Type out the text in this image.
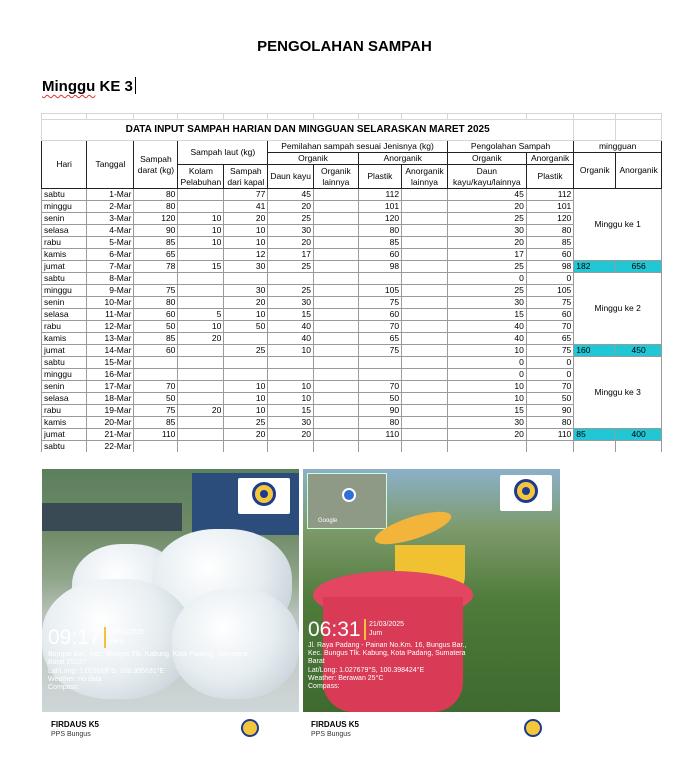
PENGOLAHAN SAMPAH
Minggu KE 3

DATA INPUT SAMPAH HARIAN DAN MINGGUAN SELARASKAN MARET 2025												
Hari	Tanggal	Sampah darat (kg)	Sampah laut (kg)		Pemilahan sampah sesuai Jenisnya (kg)				Pengolahan Sampah		mingguan	
					Organik		Anorganik		Organik	Anorganik	Organik	Anorganik
			Kolam Pelabuhan	Sampah dari kapal	Daun kayu	Organik lainnya	Plastik	Anorganik lainnya	Daun kayu/kayu/lainnya	Plastik		
sabtu	1-Mar	80		77	45		112		45	112	Minggu ke 1	
minggu	2-Mar	80		41	20		101		20	101		
senin	3-Mar	120	10	20	25		120		25	120		
selasa	4-Mar	90	10	10	30		80		30	80		
rabu	5-Mar	85	10	10	20		85		20	85		
kamis	6-Mar	65		12	17		60		17	60		
jumat	7-Mar	78	15	30	25		98		25	98	182	656
sabtu	8-Mar								0	0	Minggu ke 2	
minggu	9-Mar	75		30	25		105		25	105		
senin	10-Mar	80		20	30		75		30	75		
selasa	11-Mar	60	5	10	15		60		15	60		
rabu	12-Mar	50	10	50	40		70		40	70		
kamis	13-Mar	85	20		40		65		40	65		
jumat	14-Mar	60		25	10		75		10	75	160	450
sabtu	15-Mar								0	0	Minggu ke 3	
minggu	16-Mar								0	0		
senin	17-Mar	70		10	10		70		10	70		
selasa	18-Mar	50		10	10		50		10	50		
rabu	19-Mar	75	20	10	15		90		15	90		
kamis	20-Mar	85		25	30		80		30	80		
jumat	21-Mar	110		20	20		110		20	110	85	400
sabtu	22-Mar											
09:17 20/03/2025
Kam
Bungus Bar., Kec. Bungus Tlk. Kabung, Kota Padang, Sumatera Barat 25227
Lat/Long: 1.029516°S, 100.395631°E
Weather: no data
Compass:
Google
06:31 21/03/2025
Jum
Jl. Raya Padang - Painan No.Km. 16, Bungus Bar., Kec. Bungus Tlk. Kabung, Kota Padang, Sumatera Barat
Lat/Long: 1.027679°S, 100.398424°E
Weather: Berawan 25°C
Compass:
FIRDAUS K5
PPS Bungus
FIRDAUS K5
PPS Bungus
